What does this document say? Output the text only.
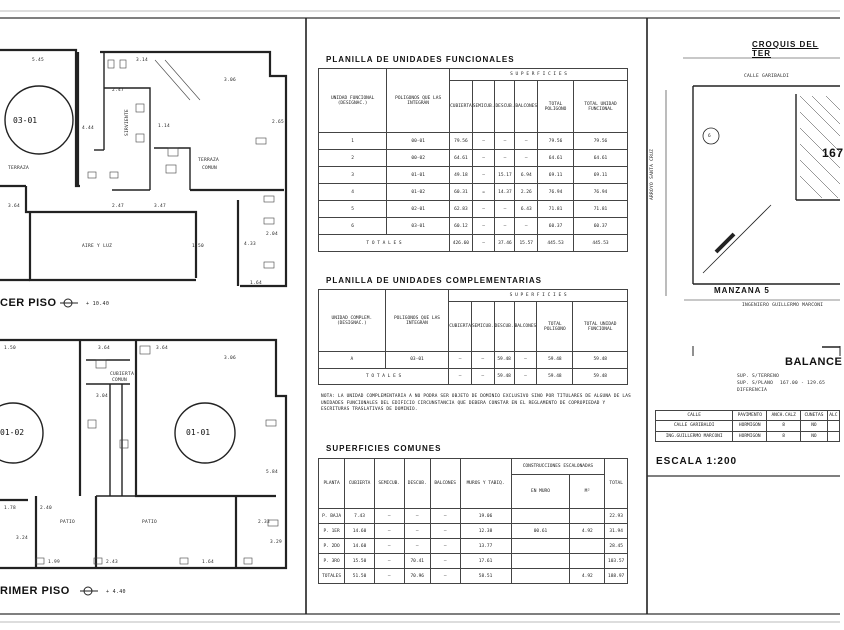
03-01
TERRAZA
TERRAZA
COMUN
AIRE Y LUZ
SIRVIENTE
5.45	3.14
3.06
2.47
4.44	1.14
2.65
2.47	3.47
1.64
3.64
2.04
4.33
1.50
CER PISO	+ 10.40
01-02	01-01
PATIO	PATIO
CUBIERTA
COMUN
3.64
3.06
1.50	3.64
3.04
5.84
2.33
3.29
1.99	2.43	1.64
1.78	2.40
3.24
RIMER PISO	+ 4.40
PLANILLA DE UNIDADES FUNCIONALES
UNIDAD FUNCIONAL (DESIGNAC.)	POLIGONOS QUE LAS INTEGRAN	S U P E R F I C I E S					
		CUBIERTA	SEMICUB.	DESCUB.	BALCONES	TOTAL POLIGONO	TOTAL UNIDAD FUNCIONAL
1	00-01	79.56	—	—	—	79.56	79.56
2	00-02	64.61	—	—	—	64.61	64.61
3	01-01	49.18	—	15.17	6.94	69.11	69.11
4	01-02	60.31	=	14.37	2.26	76.94	76.94
5	02-01	62.83	—	—	6.43	71.81	71.81
6	03-01	60.12	—	—	—	60.37	60.37
T O T A L E S		426.60	—	37.46	15.57	445.53	445.53
PLANILLA DE UNIDADES COMPLEMENTARIAS
UNIDAD COMPLEM. (DESIGNAC.)	POLIGONOS QUE LAS INTEGRAN	S U P E R F I C I E S					
		CUBIERTA	SEMICUB.	DESCUB.	BALCONES	TOTAL POLIGONO	TOTAL UNIDAD FUNCIONAL
A	03-01	—	—	59.48	—	59.48	59.48
T O T A L E S		—	—	59.48	—	59.48	59.48
NOTA: LA UNIDAD COMPLEMENTARIA A NO PODRA SER OBJETO DE DOMINIO EXCLUSIVO SINO POR TITULARES DE ALGUNA DE LAS UNIDADES FUNCIONALES DEL EDIFICIO CIRCUNSTANCIA QUE DEBERA CONSTAR EN EL REGLAMENTO DE COPROPIEDAD Y ESCRITURAS TRASLATIVAS DE DOMINIO.
SUPERFICIES COMUNES
PLANTA	CUBIERTA	SEMICUB.	DESCUB.	BALCONES	MUROS Y TABIQ.	CONSTRUCCIONES ESCALONADAS		TOTAL
						EN MURO	M²	
P. BAJA	7.43	—	—	—	19.06			22.93
P. 1ER	14.60	—	—	—	12.38	00.61	4.92	31.94
P. 2DO	14.60	—	—	—	13.77			28.45
P. 3RO	15.50	—	70.41	—	17.61			103.57
TOTALES	51.50	—	70.96	—	58.51		4.92	188.97
CROQUIS DEL TER
CALLE GARIBALDI
ARROYO SANTA CRUZ
INGENIERO GUILLERMO MARCONI
MANZANA 5
167
6
BALANCE
SUP. S/TERRENO
SUP. S/PLANO 167.00 - 129.65
DIFERENCIA
CALLE	PAVIMENTO	ANCH.CALZ	CUNETAS	ALC
CALLE GARIBALDI	HORMIGON	8	NO	
ING.GUILLERMO MARCONI	HORMIGON	8	NO	
ESCALA 1:200
